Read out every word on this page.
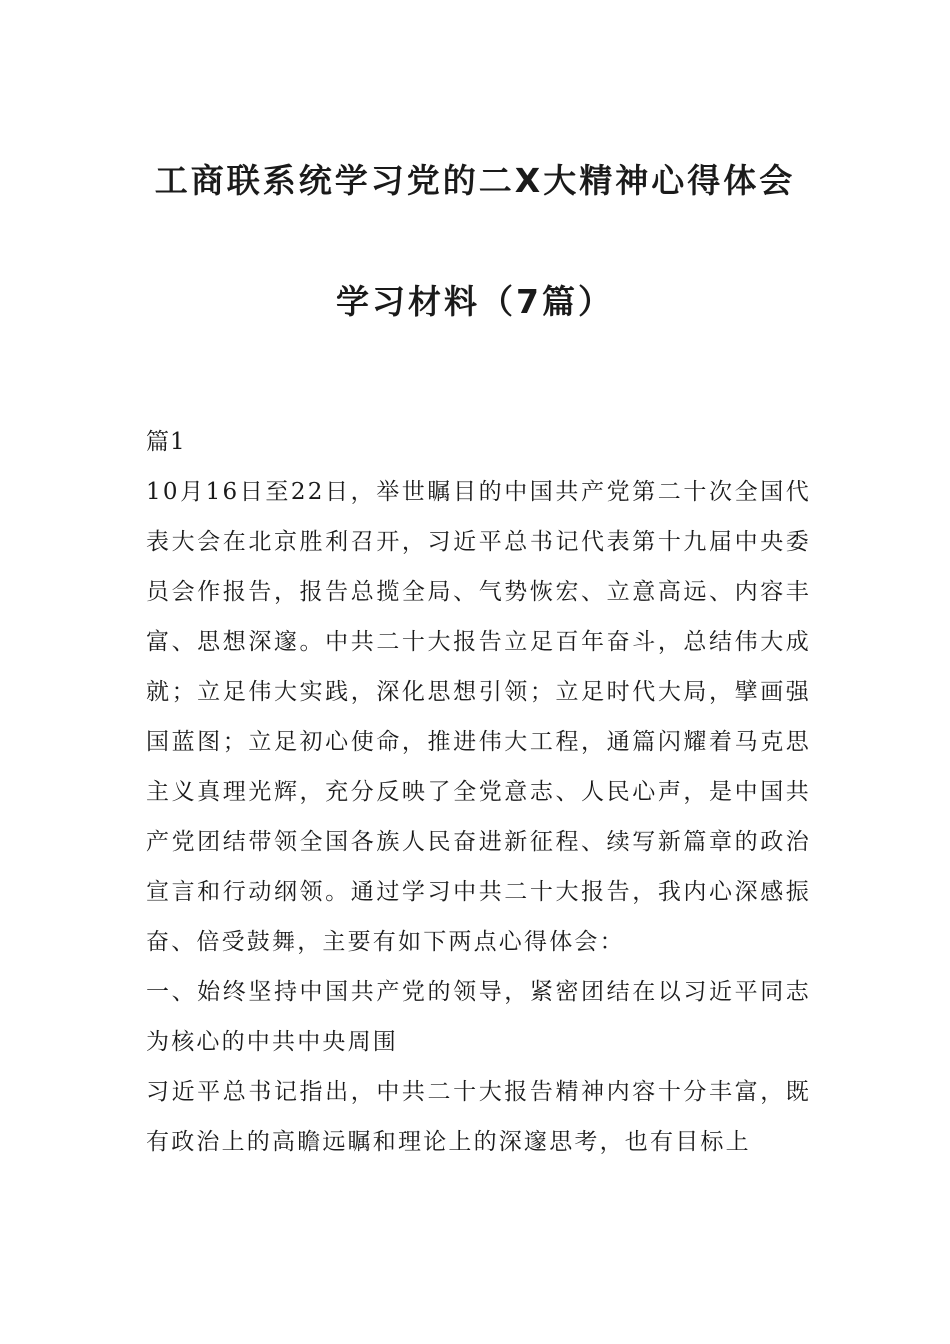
工商联系统学习党的二X大精神心得体会
学习材料（7篇）

篇1

10月16日至22日，举世瞩目的中国共产党第二十次全国代表大会在北京胜利召开，习近平总书记代表第十九届中央委员会作报告，报告总揽全局、气势恢宏、立意高远、内容丰富、思想深邃。中共二十大报告立足百年奋斗，总结伟大成就；立足伟大实践，深化思想引领；立足时代大局，擘画强国蓝图；立足初心使命，推进伟大工程，通篇闪耀着马克思主义真理光辉，充分反映了全党意志、人民心声，是中国共产党团结带领全国各族人民奋进新征程、续写新篇章的政治宣言和行动纲领。通过学习中共二十大报告，我内心深感振奋、倍受鼓舞，主要有如下两点心得体会：

一、始终坚持中国共产党的领导，紧密团结在以习近平同志为核心的中共中央周围

习近平总书记指出，中共二十大报告精神内容十分丰富，既有政治上的高瞻远瞩和理论上的深邃思考，也有目标上
